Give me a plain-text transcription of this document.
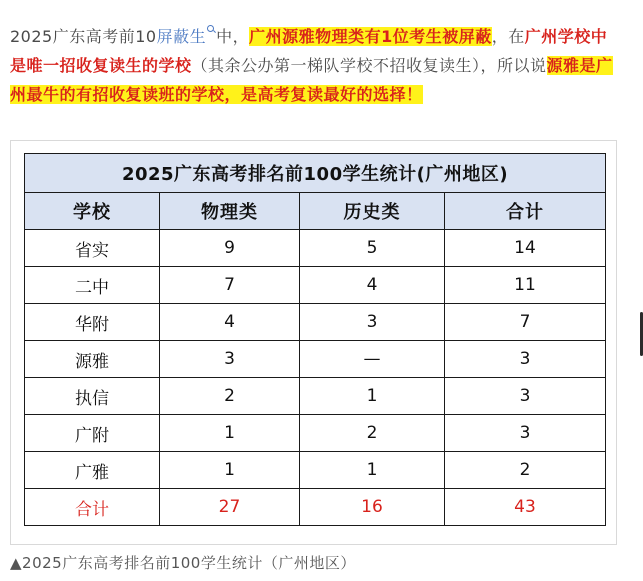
2025广东高考前10屏蔽生 中，广州源雅物理类有1位考生被屏蔽，在广州学校中是唯一招收复读生的学校（其余公办第一梯队学校不招收复读生），所以说源雅是广州最牛的有招收复读班的学校，是高考复读最好的选择！
2025广东高考排名前100学生统计(广州地区)			
学校	物理类	历史类	合计
省实	9	5	14
二中	7	4	11
华附	4	3	7
源雅	3	—	3
执信	2	1	3
广附	1	2	3
广雅	1	1	2
合计	27	16	43
▲2025广东高考排名前100学生统计（广州地区）
